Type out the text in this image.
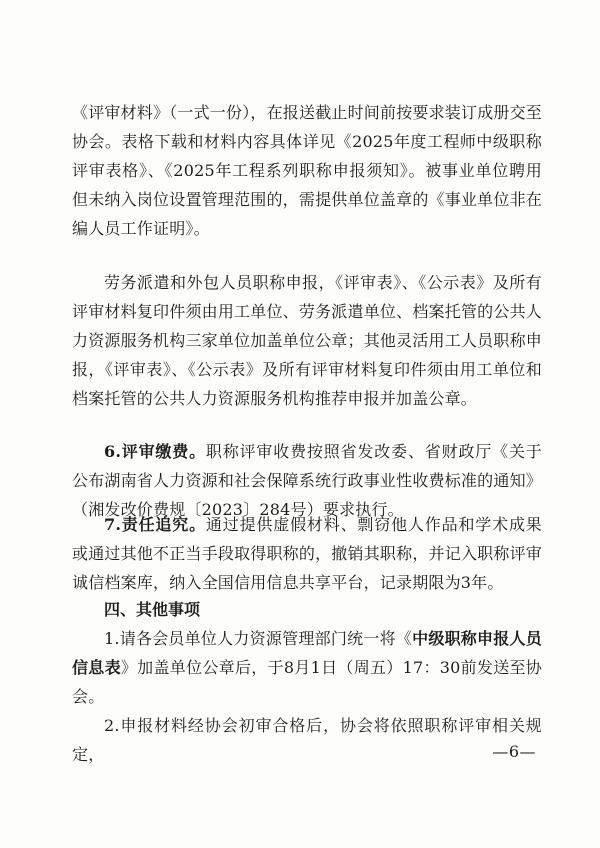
《评审材料》（一式一份），在报送截止时间前按要求装订成册交至协会。表格下载和材料内容具体详见《2025年度工程师中级职称评审表格》、《2025年工程系列职称申报须知》。被事业单位聘用但未纳入岗位设置管理范围的，需提供单位盖章的《事业单位非在编人员工作证明》。

劳务派遣和外包人员职称申报，《评审表》、《公示表》及所有评审材料复印件须由用工单位、劳务派遣单位、档案托管的公共人力资源服务机构三家单位加盖单位公章；其他灵活用工人员职称申报，《评审表》、《公示表》及所有评审材料复印件须由用工单位和档案托管的公共人力资源服务机构推荐申报并加盖公章。

6.评审缴费。职称评审收费按照省发改委、省财政厅《关于公布湖南省人力资源和社会保障系统行政事业性收费标准的通知》（湘发改价费规〔2023〕284号）要求执行。

7.责任追究。通过提供虚假材料、剽窃他人作品和学术成果或通过其他不正当手段取得职称的，撤销其职称，并记入职称评审诚信档案库，纳入全国信用信息共享平台，记录期限为3年。

四、其他事项

1.请各会员单位人力资源管理部门统一将《中级职称申报人员信息表》加盖单位公章后，于8月1日（周五）17：30前发送至协会。

2.申报材料经协会初审合格后，协会将依照职称评审相关规定，	—6—
